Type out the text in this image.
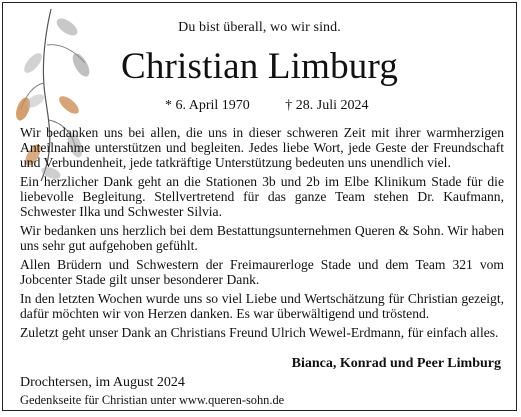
Du bist überall, wo wir sind.
Christian Limburg
* 6. April 1970	† 28. Juli 2024

Wir bedanken uns bei allen, die uns in dieser schweren Zeit mit ihrer warmherzigen Anteilnahme unterstützen und begleiten. Jedes liebe Wort, jede Geste der Freundschaft und Verbundenheit, jede tatkräftige Unterstützung bedeuten uns unendlich viel.

Ein herzlicher Dank geht an die Stationen 3b und 2b im Elbe Klinikum Stade für die liebevolle Begleitung. Stellvertretend für das ganze Team stehen Dr. Kaufmann, Schwester Ilka und Schwester Silvia.

Wir bedanken uns herzlich bei dem Bestattungsunternehmen Queren & Sohn. Wir haben uns sehr gut aufgehoben gefühlt.

Allen Brüdern und Schwestern der Freimaurerloge Stade und dem Team 321 vom Jobcenter Stade gilt unser besonderer Dank.

In den letzten Wochen wurde uns so viel Liebe und Wertschätzung für Christian gezeigt, dafür möchten wir von Herzen danken. Es war überwältigend und tröstend.

Zuletzt geht unser Dank an Christians Freund Ulrich Wewel-Erdmann, für einfach alles.

Bianca, Konrad und Peer Limburg
Drochtersen, im August 2024
Gedenkseite für Christian unter www.queren-sohn.de
